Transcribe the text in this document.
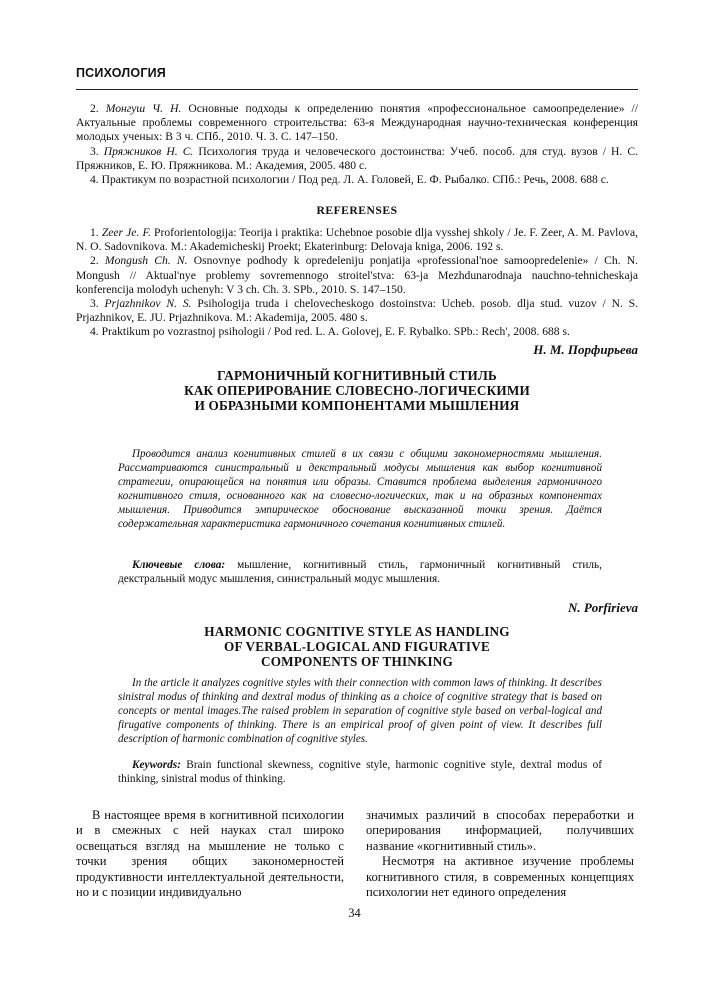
ПСИХОЛОГИЯ

2. Монгуш Ч. Н. Основные подходы к определению понятия «профессиональное самоопределение» // Актуальные проблемы современного строительства: 63-я Международная научно-техническая конференция молодых ученых: В 3 ч. СПб., 2010. Ч. 3. С. 147–150.

3. Пряжников Н. С. Психология труда и человеческого достоинства: Учеб. пособ. для студ. вузов / Н. С. Пряжников, Е. Ю. Пряжникова. М.: Академия, 2005. 480 с.

4. Практикум по возрастной психологии / Под ред. Л. А. Головей, Е. Ф. Рыбалко. СПб.: Речь, 2008. 688 с.

REFERENSES

1. Zeer Je. F. Proforientologija: Teorija i praktika: Uchebnoe posobie dlja vysshej shkoly / Je. F. Zeer, A. M. Pavlova, N. O. Sadovnikova. M.: Akademicheskij Proekt; Ekaterinburg: Delovaja kniga, 2006. 192 s.

2. Mongush Ch. N. Osnovnye podhody k opredeleniju ponjatija «professional'noe samoopredelenie» / Ch. N. Mongush // Aktual'nye problemy sovremennogo stroitel'stva: 63-ja Mezhdunarodnaja nauchno-tehnicheskaja konferencija molodyh uchenyh: V 3 ch. Ch. 3. SPb., 2010. S. 147–150.

3. Prjazhnikov N. S. Psihologija truda i chelovecheskogo dostoinstva: Ucheb. posob. dlja stud. vuzov / N. S. Prjazhnikov, E. JU. Prjazhnikova. M.: Akademija, 2005. 480 s.

4. Praktikum po vozrastnoj psihologii / Pod red. L. A. Golovej, E. F. Rybalko. SPb.: Rech', 2008. 688 s.

Н. М. Порфирьева
ГАРМОНИЧНЫЙ КОГНИТИВНЫЙ СТИЛЬ
КАК ОПЕРИРОВАНИЕ СЛОВЕСНО-ЛОГИЧЕСКИМИ
И ОБРАЗНЫМИ КОМПОНЕНТАМИ МЫШЛЕНИЯ

Проводится анализ когнитивных стилей в их связи с общими закономерностями мышления. Рассматриваются синистральный и декстральный модусы мышления как выбор когнитивной стратегии, опирающейся на понятия или образы. Ставится проблема выделения гармоничного когнитивного стиля, основанного как на словесно-логических, так и на образных компонентах мышления. Приводится эмпирическое обоснование высказанной точки зрения. Даётся содержательная характеристика гармоничного сочетания когнитивных стилей.

Ключевые слова: мышление, когнитивный стиль, гармоничный когнитивный стиль, декстральный модус мышления, синистральный модус мышления.

N. Porfirieva
HARMONIC COGNITIVE STYLE AS HANDLING
OF VERBAL-LOGICAL AND FIGURATIVE
COMPONENTS OF THINKING

In the article it analyzes cognitive styles with their connection with common laws of thinking. It describes sinistral modus of thinking and dextral modus of thinking as a choice of cognitive strategy that is based on concepts or mental images.The raised problem in separation of cognitive style based on verbal-logical and firugative components of thinking. There is an empirical proof of given point of view. It describes full description of harmonic combination of cognitive styles.

Keywords: Brain functional skewness, cognitive style, harmonic cognitive style, dextral modus of thinking, sinistral modus of thinking.

В настоящее время в когнитивной психологии и в смежных с ней науках стал широко освещаться взгляд на мышление не только с точки зрения общих закономерностей продуктивности интеллектуальной деятельности, но и с позиции индивидуально

значимых различий в способах переработки и оперирования информацией, получивших название «когнитивный стиль».

Несмотря на активное изучение проблемы когнитивного стиля, в современных концепциях психологии нет единого определения

34
